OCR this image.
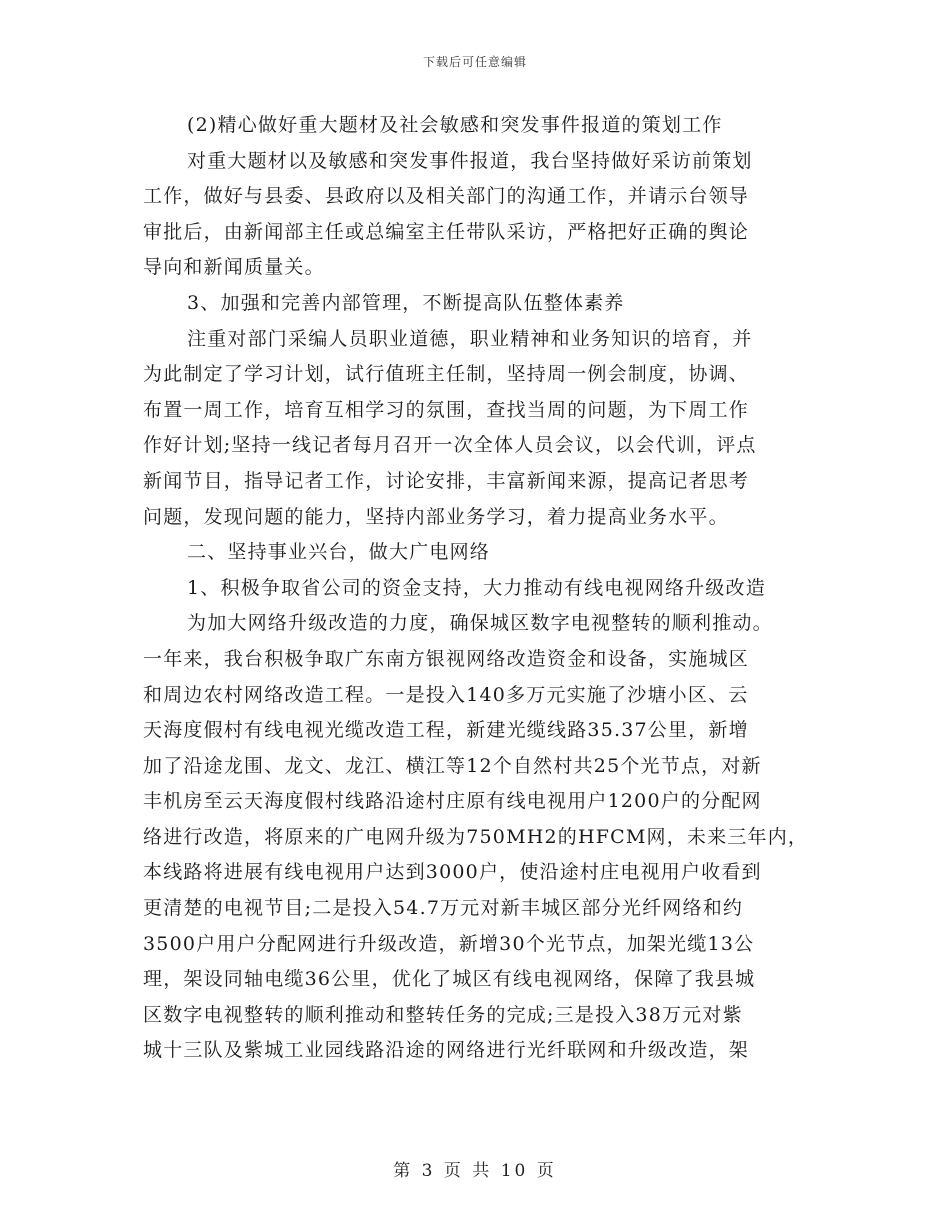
下载后可任意编辑
(2)精心做好重大题材及社会敏感和突发事件报道的策划工作
对重大题材以及敏感和突发事件报道，我台坚持做好采访前策划
工作，做好与县委、县政府以及相关部门的沟通工作，并请示台领导
审批后，由新闻部主任或总编室主任带队采访，严格把好正确的舆论
导向和新闻质量关。
3、加强和完善内部管理，不断提高队伍整体素养
注重对部门采编人员职业道德，职业精神和业务知识的培育，并
为此制定了学习计划，试行值班主任制，坚持周一例会制度，协调、
布置一周工作，培育互相学习的氛围，查找当周的问题，为下周工作
作好计划;坚持一线记者每月召开一次全体人员会议，以会代训，评点
新闻节目，指导记者工作，讨论安排，丰富新闻来源，提高记者思考
问题，发现问题的能力，坚持内部业务学习，着力提高业务水平。
二、坚持事业兴台，做大广电网络
1、积极争取省公司的资金支持，大力推动有线电视网络升级改造
为加大网络升级改造的力度，确保城区数字电视整转的顺利推动。
一年来，我台积极争取广东南方银视网络改造资金和设备，实施城区
和周边农村网络改造工程。一是投入140多万元实施了沙塘小区、云
天海度假村有线电视光缆改造工程，新建光缆线路35.37公里，新增
加了沿途龙围、龙文、龙江、横江等12个自然村共25个光节点，对新
丰机房至云天海度假村线路沿途村庄原有线电视用户1200户的分配网
络进行改造，将原来的广电网升级为750MH2的HFCM网，未来三年内，
本线路将进展有线电视用户达到3000户，使沿途村庄电视用户收看到
更清楚的电视节目;二是投入54.7万元对新丰城区部分光纤网络和约
3500户用户分配网进行升级改造，新增30个光节点，加架光缆13公
理，架设同轴电缆36公里，优化了城区有线电视网络，保障了我县城
区数字电视整转的顺利推动和整转任务的完成;三是投入38万元对紫
城十三队及紫城工业园线路沿途的网络进行光纤联网和升级改造，架
第 3 页 共 10 页
